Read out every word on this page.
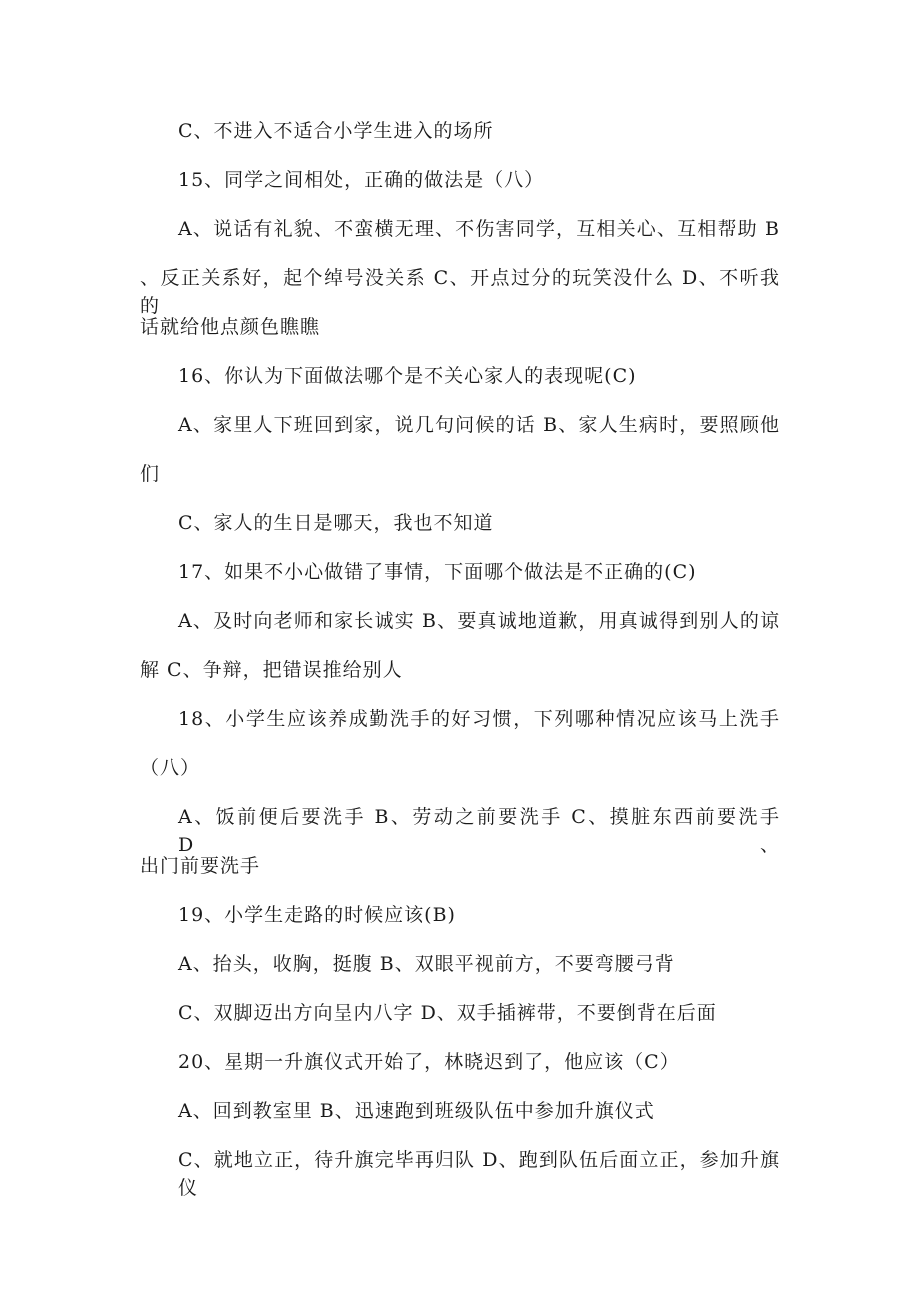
C、不进入不适合小学生进入的场所
15、同学之间相处，正确的做法是（八）
A、说话有礼貌、不蛮横无理、不伤害同学，互相关心、互相帮助 B
、反正关系好，起个绰号没关系 C、开点过分的玩笑没什么 D、不听我的
话就给他点颜色瞧瞧
16、你认为下面做法哪个是不关心家人的表现呢(C)
A、家里人下班回到家，说几句问候的话 B、家人生病时，要照顾他
们
C、家人的生日是哪天，我也不知道
17、如果不小心做错了事情，下面哪个做法是不正确的(C)
A、及时向老师和家长诚实 B、要真诚地道歉，用真诚得到别人的谅
解 C、争辩，把错误推给别人
18、小学生应该养成勤洗手的好习惯，下列哪种情况应该马上洗手
（八）
A、饭前便后要洗手 B、劳动之前要洗手 C、摸脏东西前要洗手 D、
出门前要洗手
19、小学生走路的时候应该(B)
A、抬头，收胸，挺腹 B、双眼平视前方，不要弯腰弓背
C、双脚迈出方向呈内八字 D、双手插裤带，不要倒背在后面
20、星期一升旗仪式开始了，林晓迟到了，他应该（C）
A、回到教室里 B、迅速跑到班级队伍中参加升旗仪式
C、就地立正，待升旗完毕再归队 D、跑到队伍后面立正，参加升旗仪
